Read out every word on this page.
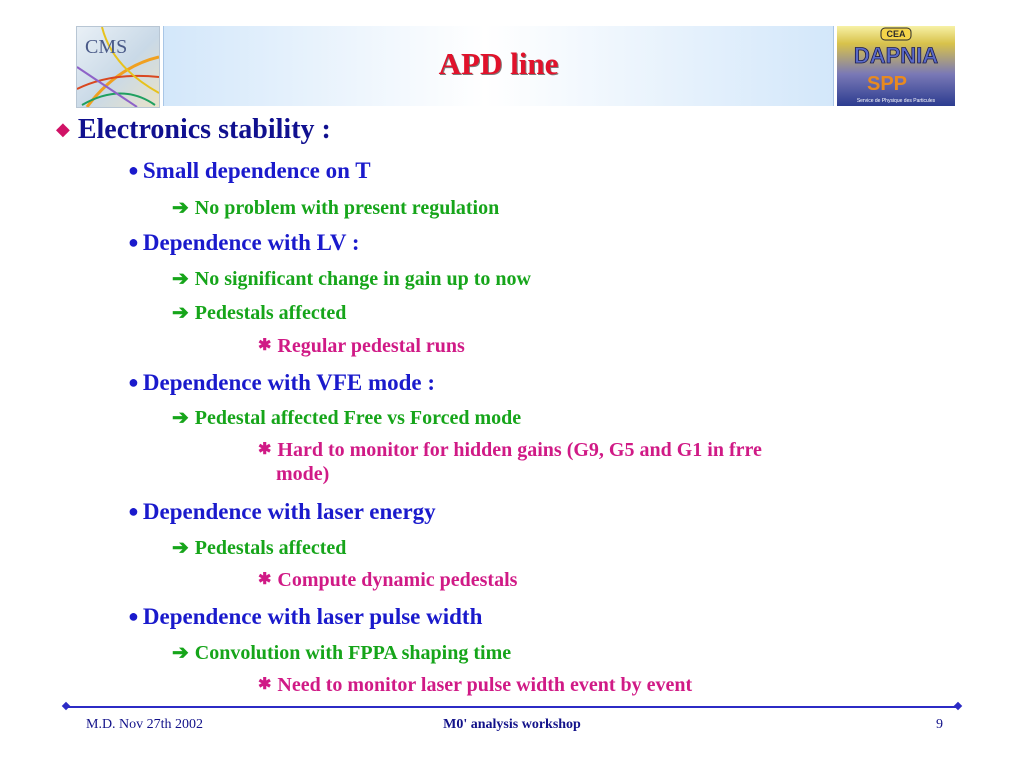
CMS	APD line
CEA
DAPNIA
SPP
Service de Physique des Particules
◆ Electronics stability :
● Small dependence on T
➔ No problem with present regulation
● Dependence with LV :
➔ No significant change in gain up to now
➔ Pedestals affected
✱ Regular pedestal runs
● Dependence with VFE mode :
➔ Pedestal affected Free vs Forced mode
✱ Hard to monitor for hidden gains (G9, G5 and G1 in frre
mode)
● Dependence with laser energy
➔ Pedestals affected
✱ Compute dynamic pedestals
● Dependence with laser pulse width
➔ Convolution with FPPA shaping time
✱ Need to monitor laser pulse width event by event
M.D. Nov 27th 2002	M0' analysis workshop	9
